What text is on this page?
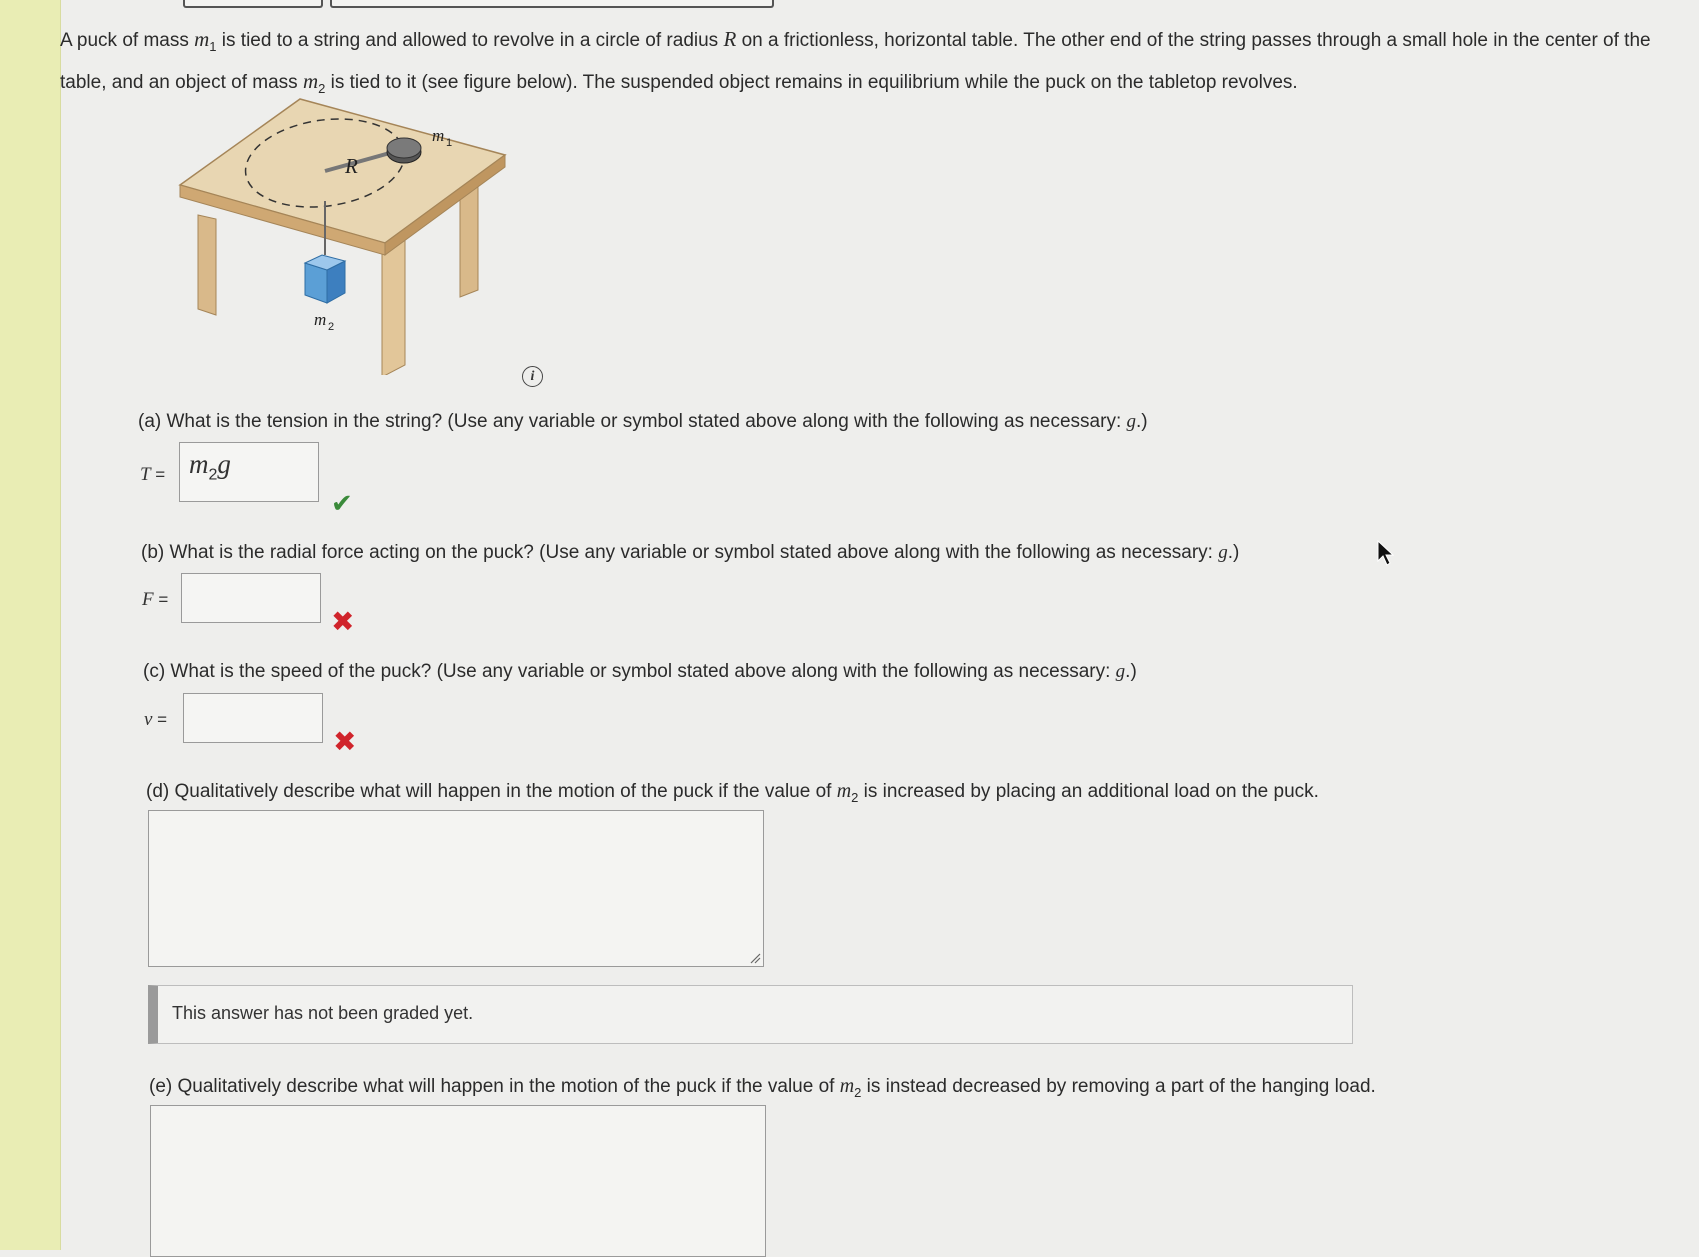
A puck of mass $m_1$ is tied to a string and allowed to revolve in a circle of radius R on a frictionless, horizontal table. The other end of the string passes through a small hole in the center of the table, and an object of mass $m_2$ is tied to it (see figure below). The suspended object remains in equilibrium while the puck on the tabletop revolves.
R
m 1
m 2
i
(a) What is the tension in the string? (Use any variable or symbol stated above along with the following as necessary: g.)
$T = m_2g$
✔
(b) What is the radial force acting on the puck? (Use any variable or symbol stated above along with the following as necessary: g.)
F =
✖
(c) What is the speed of the puck? (Use any variable or symbol stated above along with the following as necessary: g.)
v =
✖
(d) Qualitatively describe what will happen in the motion of the puck if the value of $m_2$ is increased by placing an additional load on the puck.
This answer has not been graded yet.
(e) Qualitatively describe what will happen in the motion of the puck if the value of $m_2$ is instead decreased by removing a part of the hanging load.
